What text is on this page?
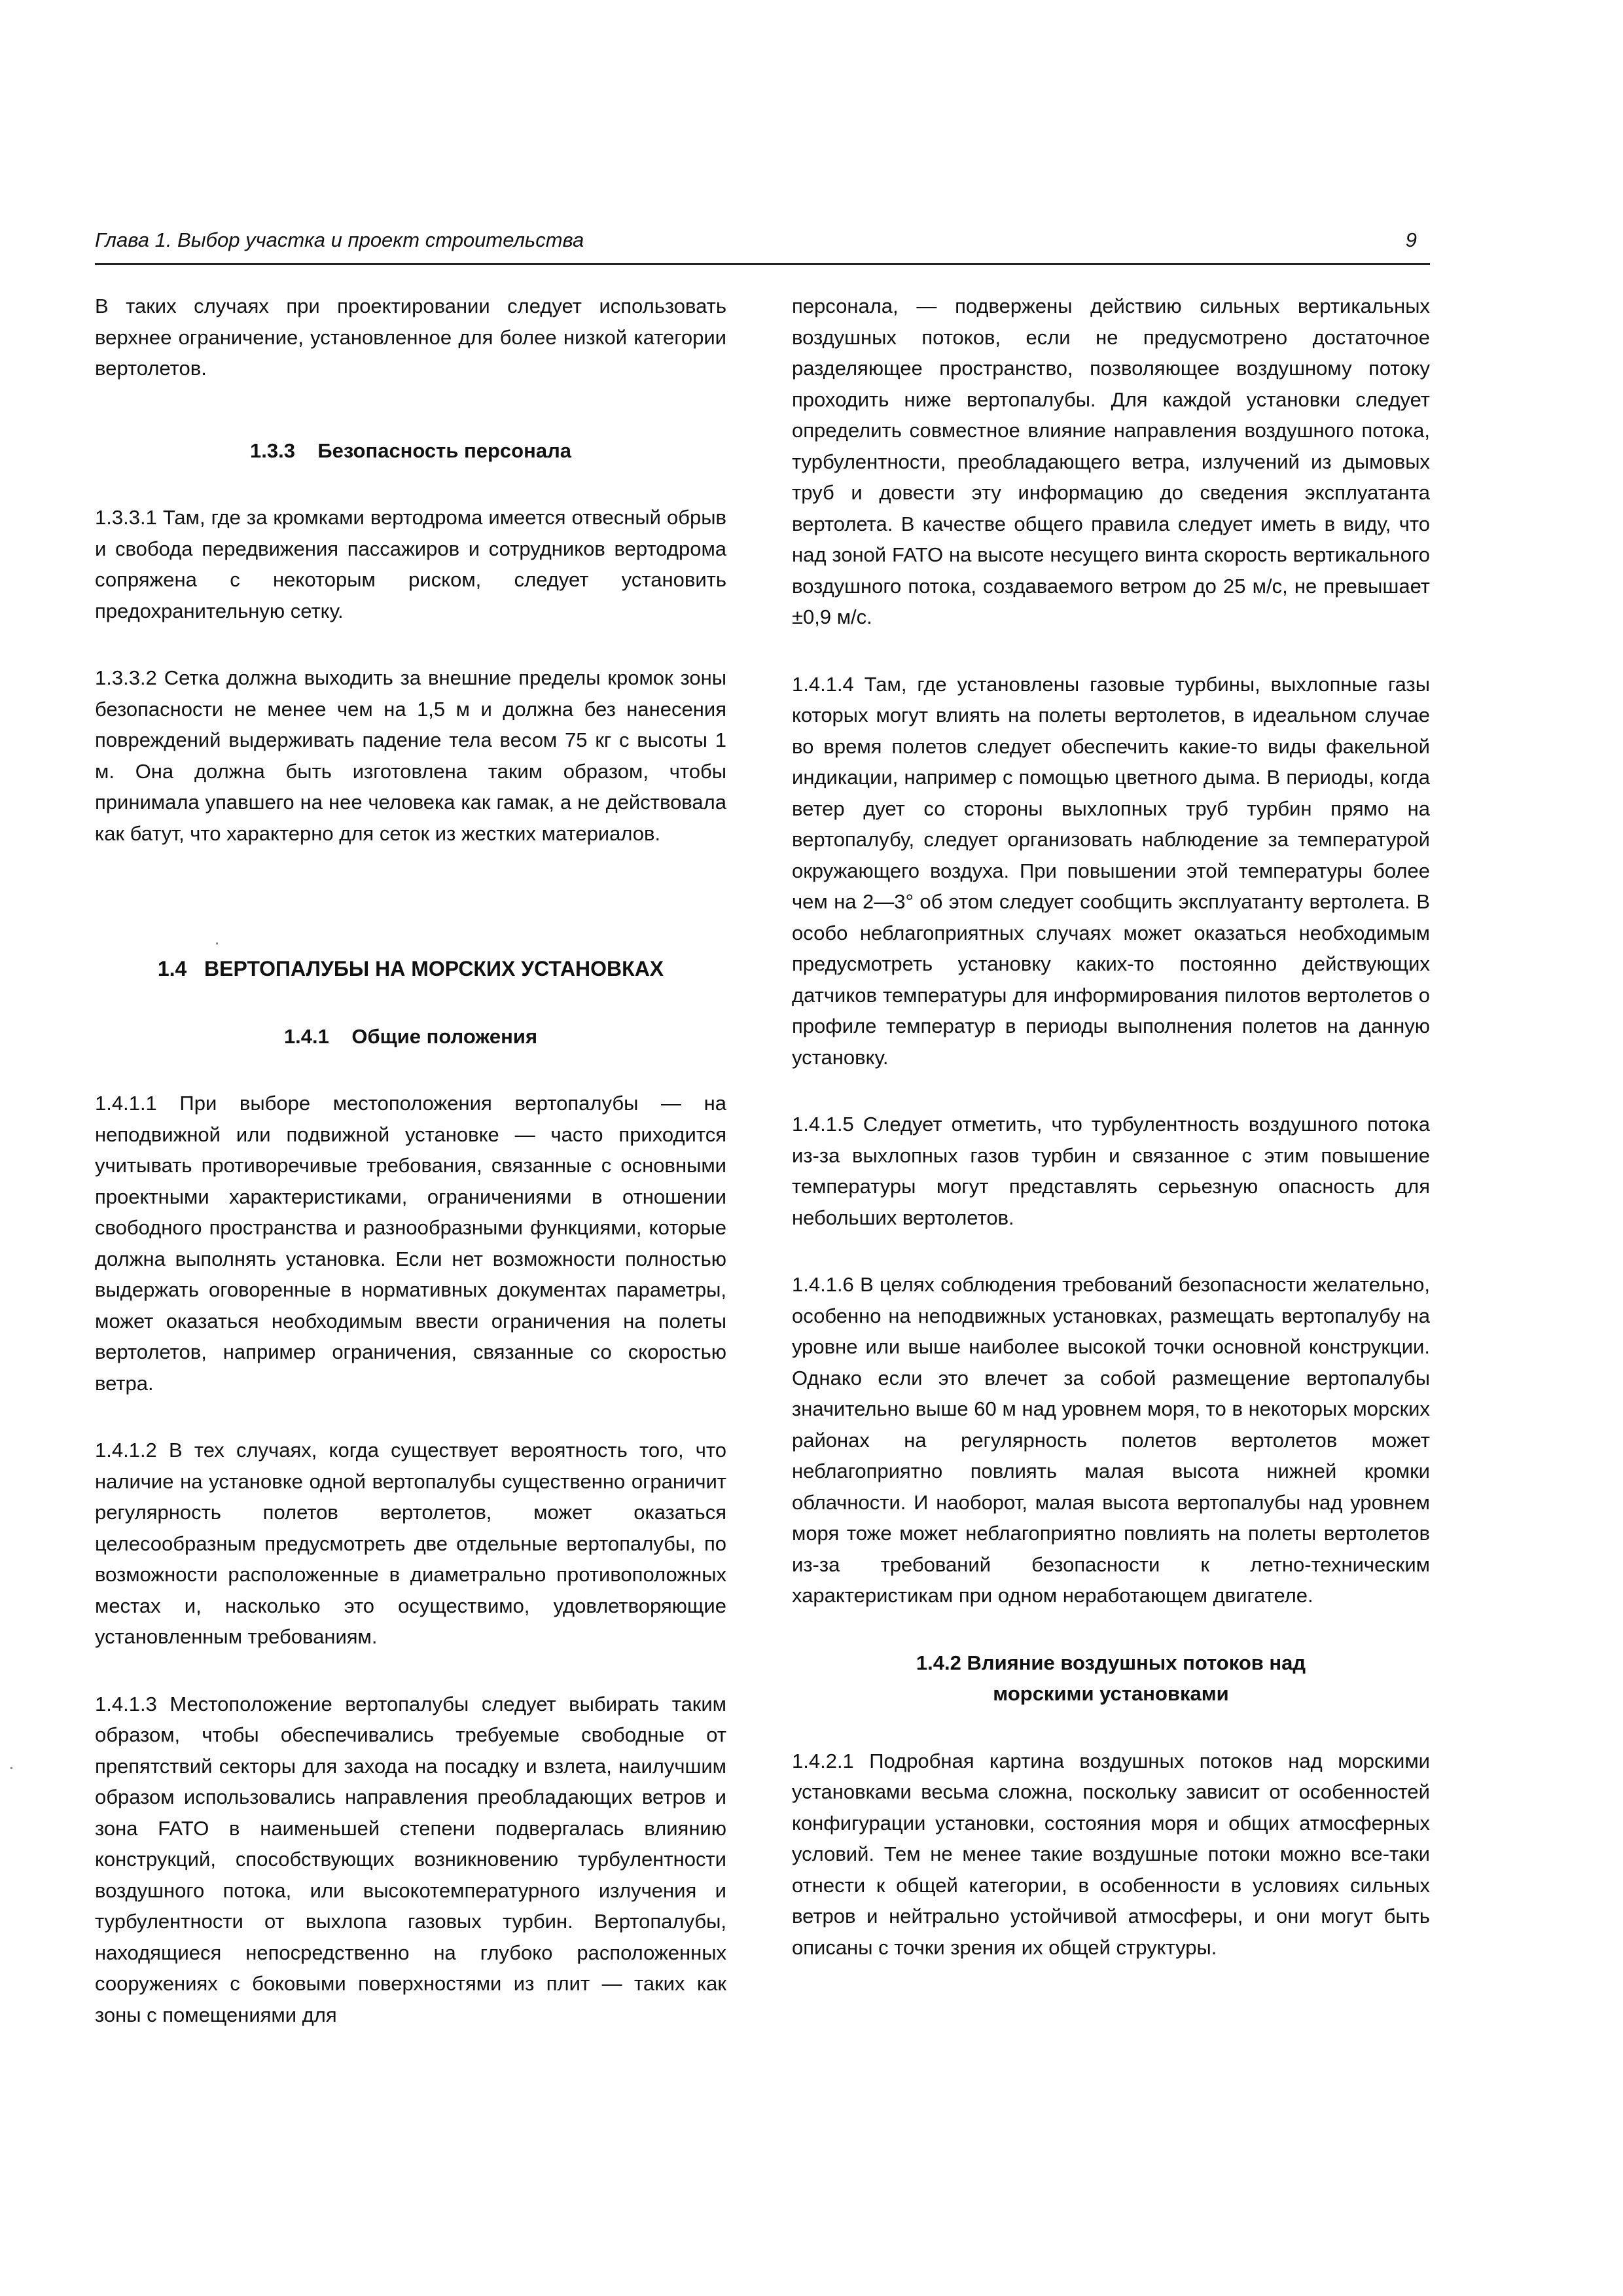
Глава 1. Выбор участка и проект строительства	9

В таких случаях при проектировании следует использовать верхнее ограничение, установленное для более низкой категории вертолетов.

1.3.3    Безопасность персонала

1.3.3.1 Там, где за кромками вертодрома имеется отвесный обрыв и свобода передвижения пассажиров и сотрудников вертодрома сопряжена с некоторым риском, следует установить предохранительную сетку.

1.3.3.2 Сетка должна выходить за внешние пределы кромок зоны безопасности не менее чем на 1,5 м и должна без нанесения повреждений выдерживать падение тела весом 75 кг с высоты 1 м. Она должна быть изготовлена таким образом, чтобы принимала упавшего на нее человека как гамак, а не действовала как батут, что характерно для сеток из жестких материалов.

1.4   ВЕРТОПАЛУБЫ НА МОРСКИХ УСТАНОВКАХ
1.4.1    Общие положения

1.4.1.1 При выборе местоположения вертопалубы — на неподвижной или подвижной установке — часто приходится учитывать противоречивые требования, связанные с основными проектными характеристиками, ограничениями в отношении свободного пространства и разнообразными функциями, которые должна выполнять установка. Если нет возможности полностью выдержать оговоренные в нормативных документах параметры, может оказаться необходимым ввести ограничения на полеты вертолетов, например ограничения, связанные со скоростью ветра.

1.4.1.2 В тех случаях, когда существует вероятность того, что наличие на установке одной вертопалубы существенно ограничит регулярность полетов вертолетов, может оказаться целесообразным предусмотреть две отдельные вертопалубы, по возможности расположенные в диаметрально противоположных местах и, насколько это осуществимо, удовлетворяющие установленным требованиям.

1.4.1.3 Местоположение вертопалубы следует выбирать таким образом, чтобы обеспечивались требуемые свободные от препятствий секторы для захода на посадку и взлета, наилучшим образом использовались направления преобладающих ветров и зона FATO в наименьшей степени подвергалась влиянию конструкций, способствующих возникновению турбулентности воздушного потока, или высокотемпературного излучения и турбулентности от выхлопа газовых турбин. Вертопалубы, находящиеся непосредственно на глубоко расположенных сооружениях с боковыми поверхностями из плит — таких как зоны с помещениями для

персонала, — подвержены действию сильных вертикальных воздушных потоков, если не предусмотрено достаточное разделяющее пространство, позволяющее воздушному потоку проходить ниже вертопалубы. Для каждой установки следует определить совместное влияние направления воздушного потока, турбулентности, преобладающего ветра, излучений из дымовых труб и довести эту информацию до сведения эксплуатанта вертолета. В качестве общего правила следует иметь в виду, что над зоной FATO на высоте несущего винта скорость вертикального воздушного потока, создаваемого ветром до 25 м/с, не превышает ±0,9 м/с.

1.4.1.4 Там, где установлены газовые турбины, выхлопные газы которых могут влиять на полеты вертолетов, в идеальном случае во время полетов следует обеспечить какие-то виды факельной индикации, например с помощью цветного дыма. В периоды, когда ветер дует со стороны выхлопных труб турбин прямо на вертопалубу, следует организовать наблюдение за температурой окружающего воздуха. При повышении этой температуры более чем на 2—3° об этом следует сообщить эксплуатанту вертолета. В особо неблагоприятных случаях может оказаться необходимым предусмотреть установку каких-то постоянно действующих датчиков температуры для информирования пилотов вертолетов о профиле температур в периоды выполнения полетов на данную установку.

1.4.1.5 Следует отметить, что турбулентность воздушного потока из-за выхлопных газов турбин и связанное с этим повышение температуры могут представлять серьезную опасность для небольших вертолетов.

1.4.1.6 В целях соблюдения требований безопасности желательно, особенно на неподвижных установках, размещать вертопалубу на уровне или выше наиболее высокой точки основной конструкции. Однако если это влечет за собой размещение вертопалубы значительно выше 60 м над уровнем моря, то в некоторых морских районах на регулярность полетов вертолетов может неблагоприятно повлиять малая высота нижней кромки облачности. И наоборот, малая высота вертопалубы над уровнем моря тоже может неблагоприятно повлиять на полеты вертолетов из-за требований безопасности к летно-техническим характеристикам при одном неработающем двигателе.

1.4.2 Влияние воздушных потоков над
морскими установками

1.4.2.1 Подробная картина воздушных потоков над морскими установками весьма сложна, поскольку зависит от особенностей конфигурации установки, состояния моря и общих атмосферных условий. Тем не менее такие воздушные потоки можно все-таки отнести к общей категории, в особенности в условиях сильных ветров и нейтрально устойчивой атмосферы, и они могут быть описаны с точки зрения их общей структуры.
